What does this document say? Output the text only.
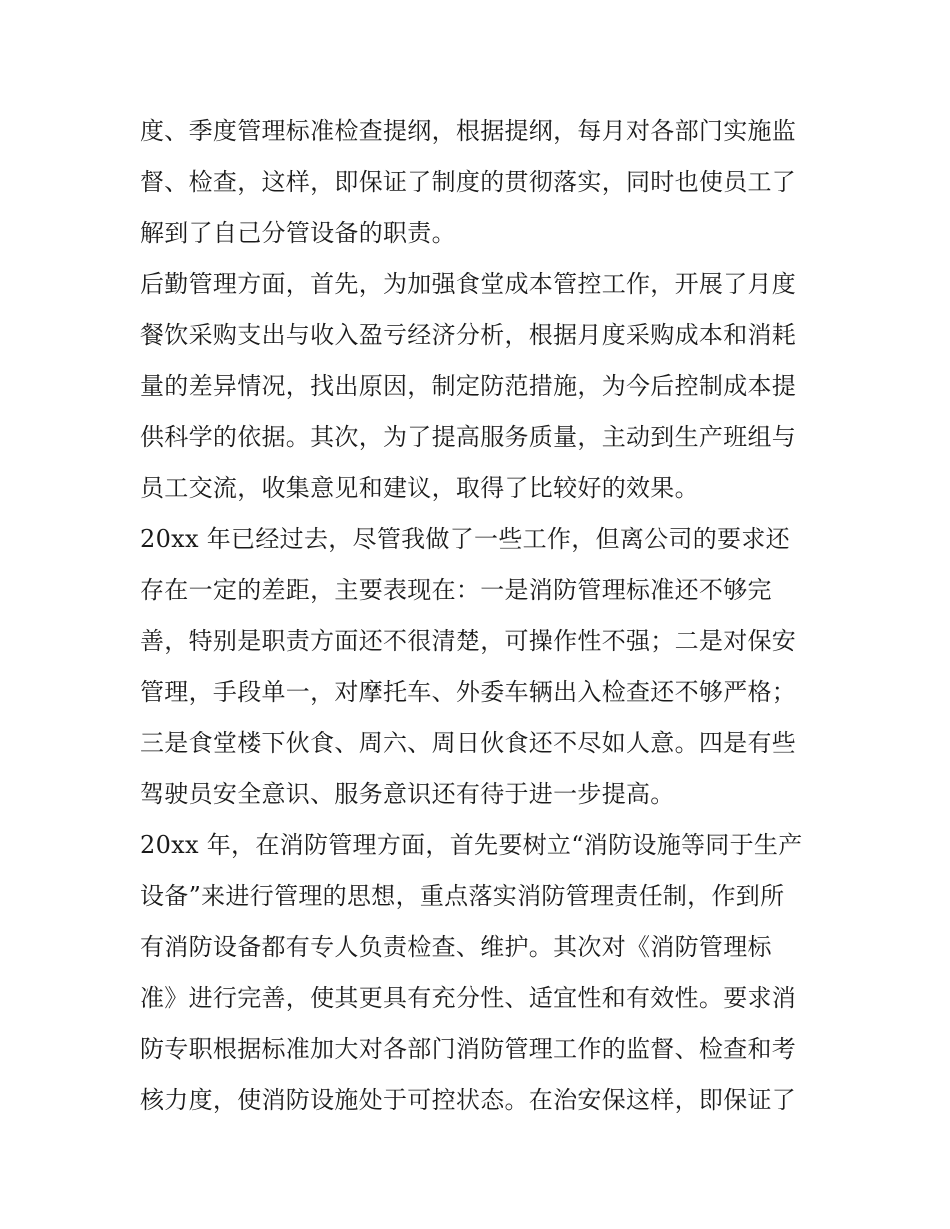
度、季度管理标准检查提纲，根据提纲，每月对各部门实施监
督、检查，这样，即保证了制度的贯彻落实，同时也使员工了
解到了自己分管设备的职责。
后勤管理方面，首先，为加强食堂成本管控工作，开展了月度
餐饮采购支出与收入盈亏经济分析，根据月度采购成本和消耗
量的差异情况，找出原因，制定防范措施，为今后控制成本提
供科学的依据。其次，为了提高服务质量，主动到生产班组与
员工交流，收集意见和建议，取得了比较好的效果。
20xx 年已经过去，尽管我做了一些工作，但离公司的要求还
存在一定的差距，主要表现在：一是消防管理标准还不够完
善，特别是职责方面还不很清楚，可操作性不强；二是对保安
管理，手段单一，对摩托车、外委车辆出入检查还不够严格；
三是食堂楼下伙食、周六、周日伙食还不尽如人意。四是有些
驾驶员安全意识、服务意识还有待于进一步提高。
20xx 年，在消防管理方面，首先要树立“消防设施等同于生产
设备”来进行管理的思想，重点落实消防管理责任制，作到所
有消防设备都有专人负责检查、维护。其次对《消防管理标
准》进行完善，使其更具有充分性、适宜性和有效性。要求消
防专职根据标准加大对各部门消防管理工作的监督、检查和考
核力度，使消防设施处于可控状态。在治安保这样，即保证了
